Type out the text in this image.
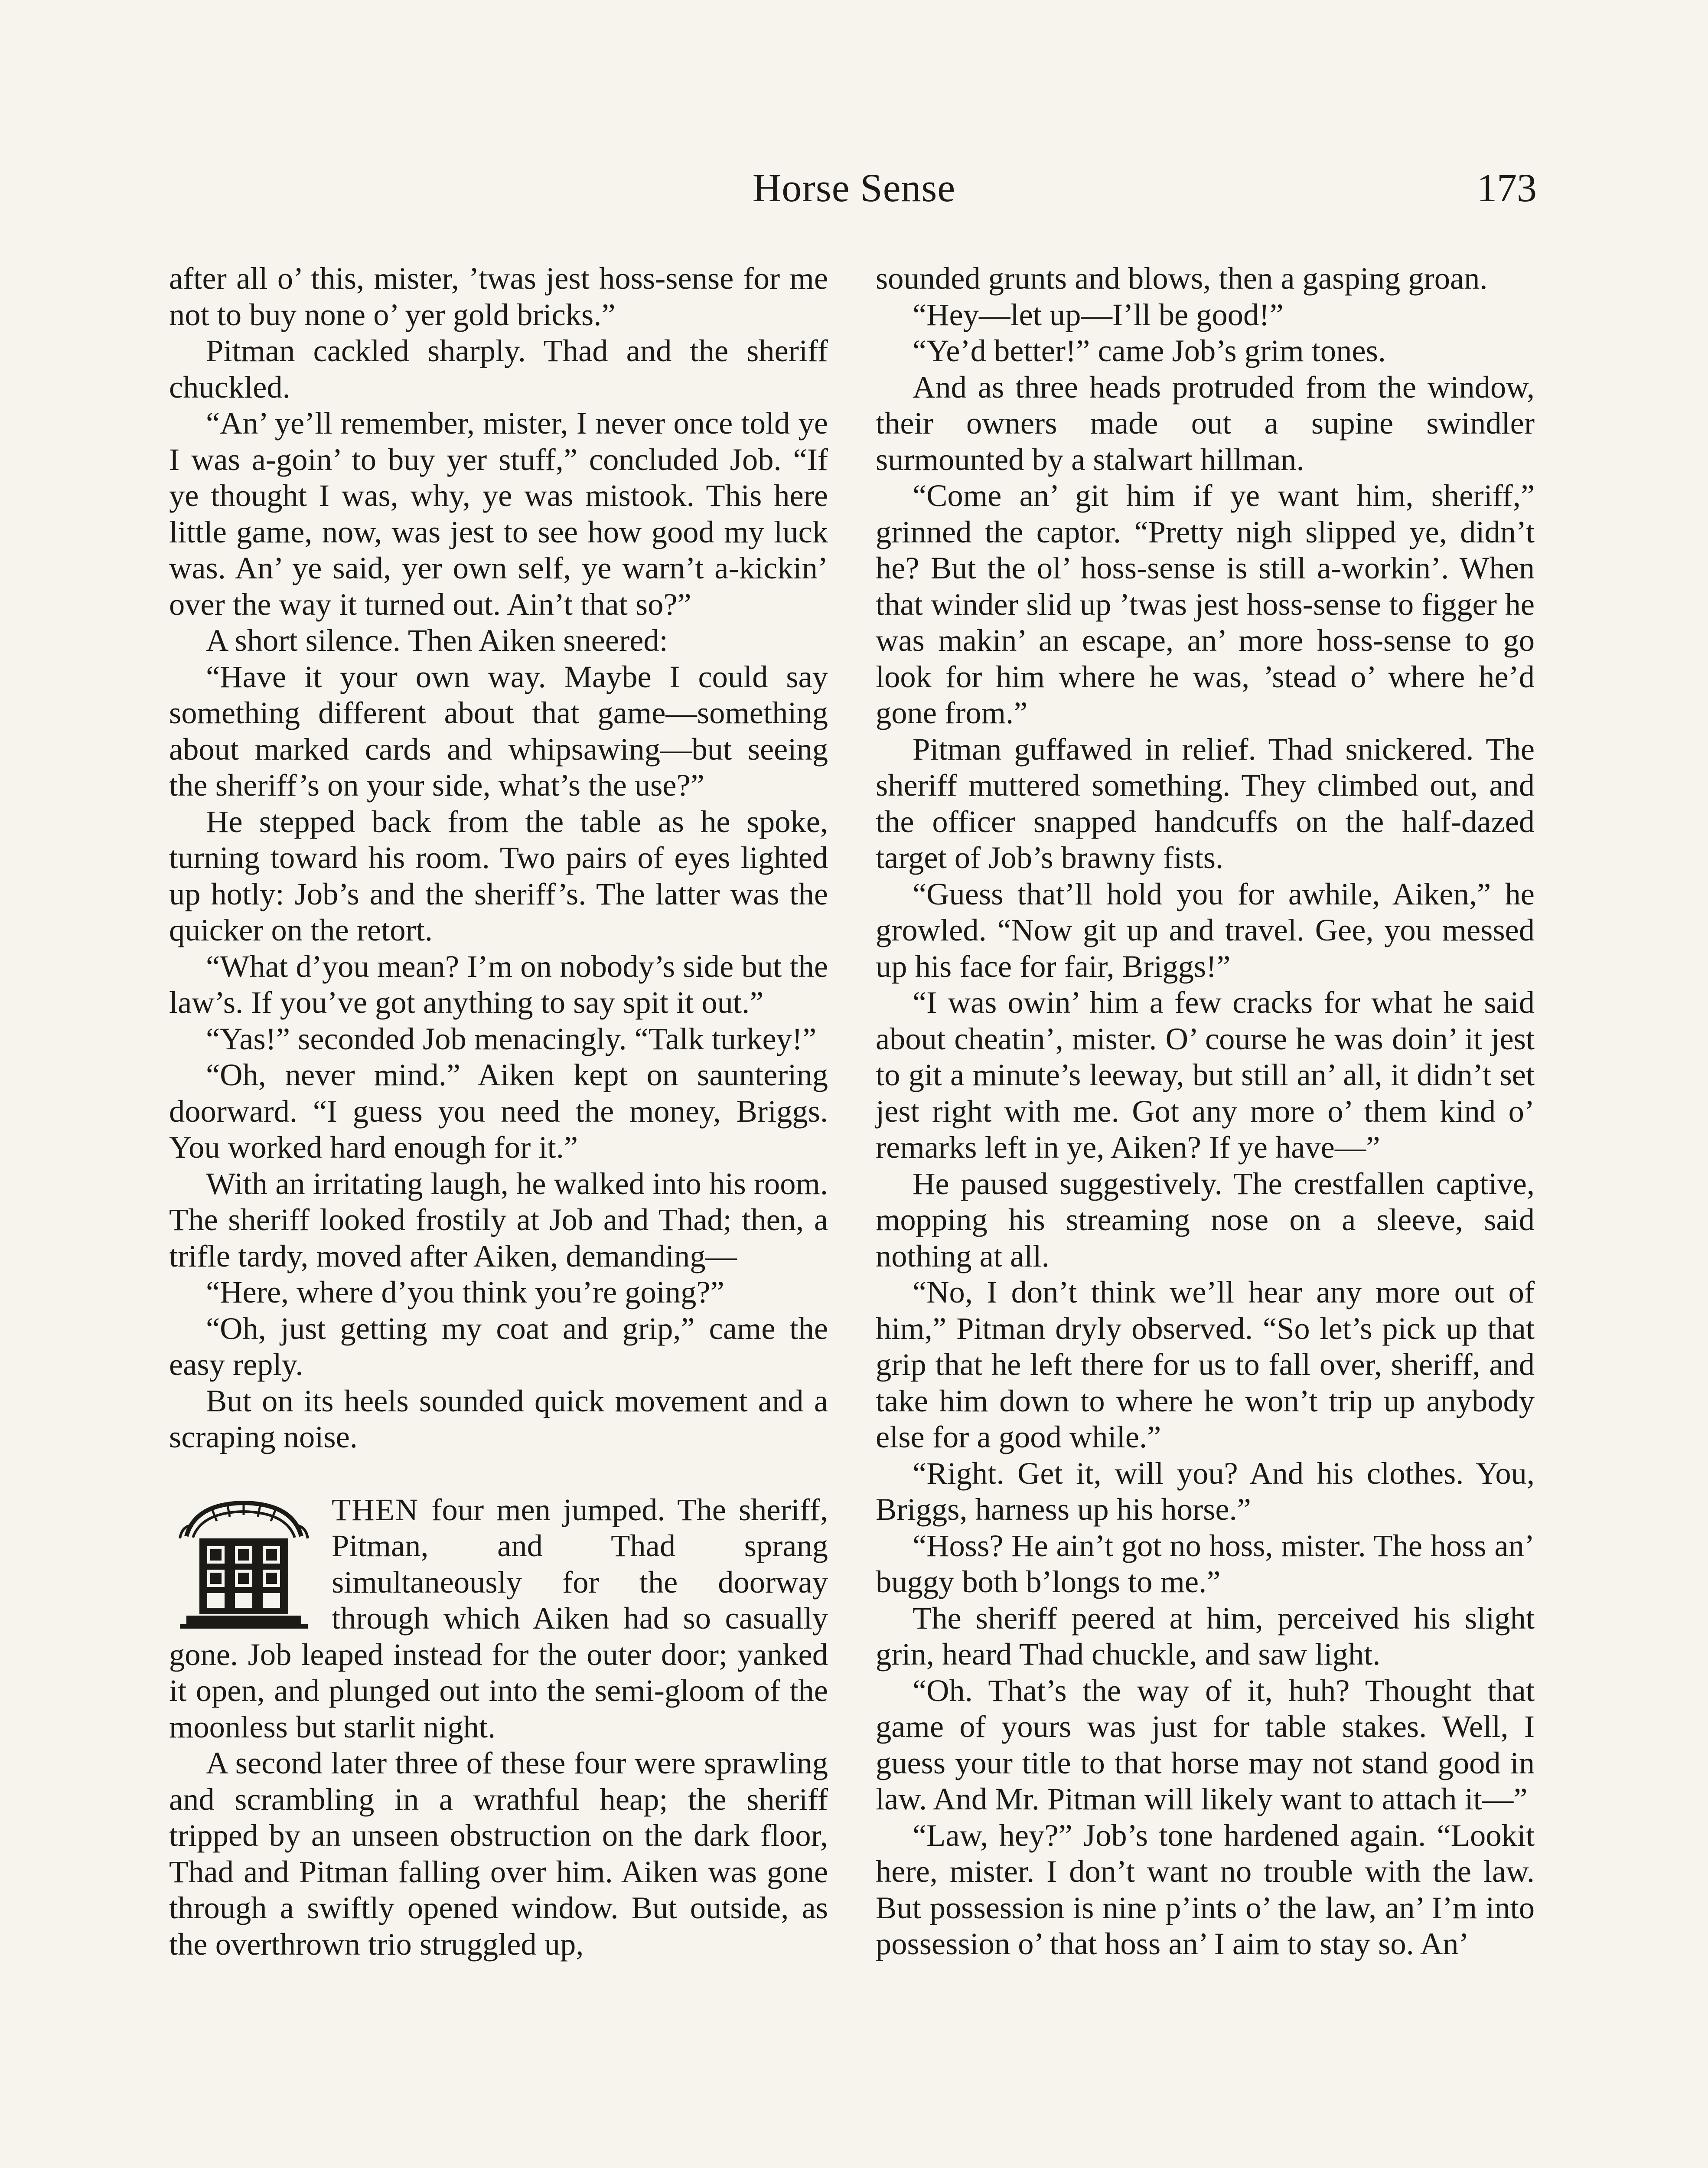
Horse Sense	173

after all o’ this, mister, ’twas jest hoss-sense for me not to buy none o’ yer gold bricks.”

Pitman cackled sharply. Thad and the sheriff chuckled.

“An’ ye’ll remember, mister, I never once told ye I was a-goin’ to buy yer stuff,” concluded Job. “If ye thought I was, why, ye was mistook. This here little game, now, was jest to see how good my luck was. An’ ye said, yer own self, ye warn’t a-kickin’ over the way it turned out. Ain’t that so?”

A short silence. Then Aiken sneered:

“Have it your own way. Maybe I could say something different about that game—something about marked cards and whipsawing—but seeing the sheriff’s on your side, what’s the use?”

He stepped back from the table as he spoke, turning toward his room. Two pairs of eyes lighted up hotly: Job’s and the sheriff’s. The latter was the quicker on the retort.

“What d’you mean? I’m on nobody’s side but the law’s. If you’ve got anything to say spit it out.”

“Yas!” seconded Job menacingly. “Talk turkey!”

“Oh, never mind.” Aiken kept on sauntering doorward. “I guess you need the money, Briggs. You worked hard enough for it.”

With an irritating laugh, he walked into his room. The sheriff looked frostily at Job and Thad; then, a trifle tardy, moved after Aiken, demanding—

“Here, where d’you think you’re going?”

“Oh, just getting my coat and grip,” came the easy reply.

But on its heels sounded quick movement and a scraping noise.

THEN four men jumped. The sheriff, Pitman, and Thad sprang simultaneously for the doorway through which Aiken had so casually gone. Job leaped instead for the outer door; yanked it open, and plunged out into the semi-gloom of the moonless but starlit night.

A second later three of these four were sprawling and scrambling in a wrathful heap; the sheriff tripped by an unseen obstruction on the dark floor, Thad and Pitman falling over him. Aiken was gone through a swiftly opened window. But outside, as the overthrown trio struggled up,

sounded grunts and blows, then a gasping groan.

“Hey—let up—I’ll be good!”

“Ye’d better!” came Job’s grim tones.

And as three heads protruded from the window, their owners made out a supine swindler surmounted by a stalwart hillman.

“Come an’ git him if ye want him, sheriff,” grinned the captor. “Pretty nigh slipped ye, didn’t he? But the ol’ hoss-sense is still a-workin’. When that winder slid up ’twas jest hoss-sense to figger he was makin’ an escape, an’ more hoss-sense to go look for him where he was, ’stead o’ where he’d gone from.”

Pitman guffawed in relief. Thad snickered. The sheriff muttered something. They climbed out, and the officer snapped handcuffs on the half-dazed target of Job’s brawny fists.

“Guess that’ll hold you for awhile, Aiken,” he growled. “Now git up and travel. Gee, you messed up his face for fair, Briggs!”

“I was owin’ him a few cracks for what he said about cheatin’, mister. O’ course he was doin’ it jest to git a minute’s leeway, but still an’ all, it didn’t set jest right with me. Got any more o’ them kind o’ remarks left in ye, Aiken? If ye have—”

He paused suggestively. The crestfallen captive, mopping his streaming nose on a sleeve, said nothing at all.

“No, I don’t think we’ll hear any more out of him,” Pitman dryly observed. “So let’s pick up that grip that he left there for us to fall over, sheriff, and take him down to where he won’t trip up anybody else for a good while.”

“Right. Get it, will you? And his clothes. You, Briggs, harness up his horse.”

“Hoss? He ain’t got no hoss, mister. The hoss an’ buggy both b’longs to me.”

The sheriff peered at him, perceived his slight grin, heard Thad chuckle, and saw light.

“Oh. That’s the way of it, huh? Thought that game of yours was just for table stakes. Well, I guess your title to that horse may not stand good in law. And Mr. Pitman will likely want to attach it—”

“Law, hey?” Job’s tone hardened again. “Lookit here, mister. I don’t want no trouble with the law. But possession is nine p’ints o’ the law, an’ I’m into possession o’ that hoss an’ I aim to stay so. An’
